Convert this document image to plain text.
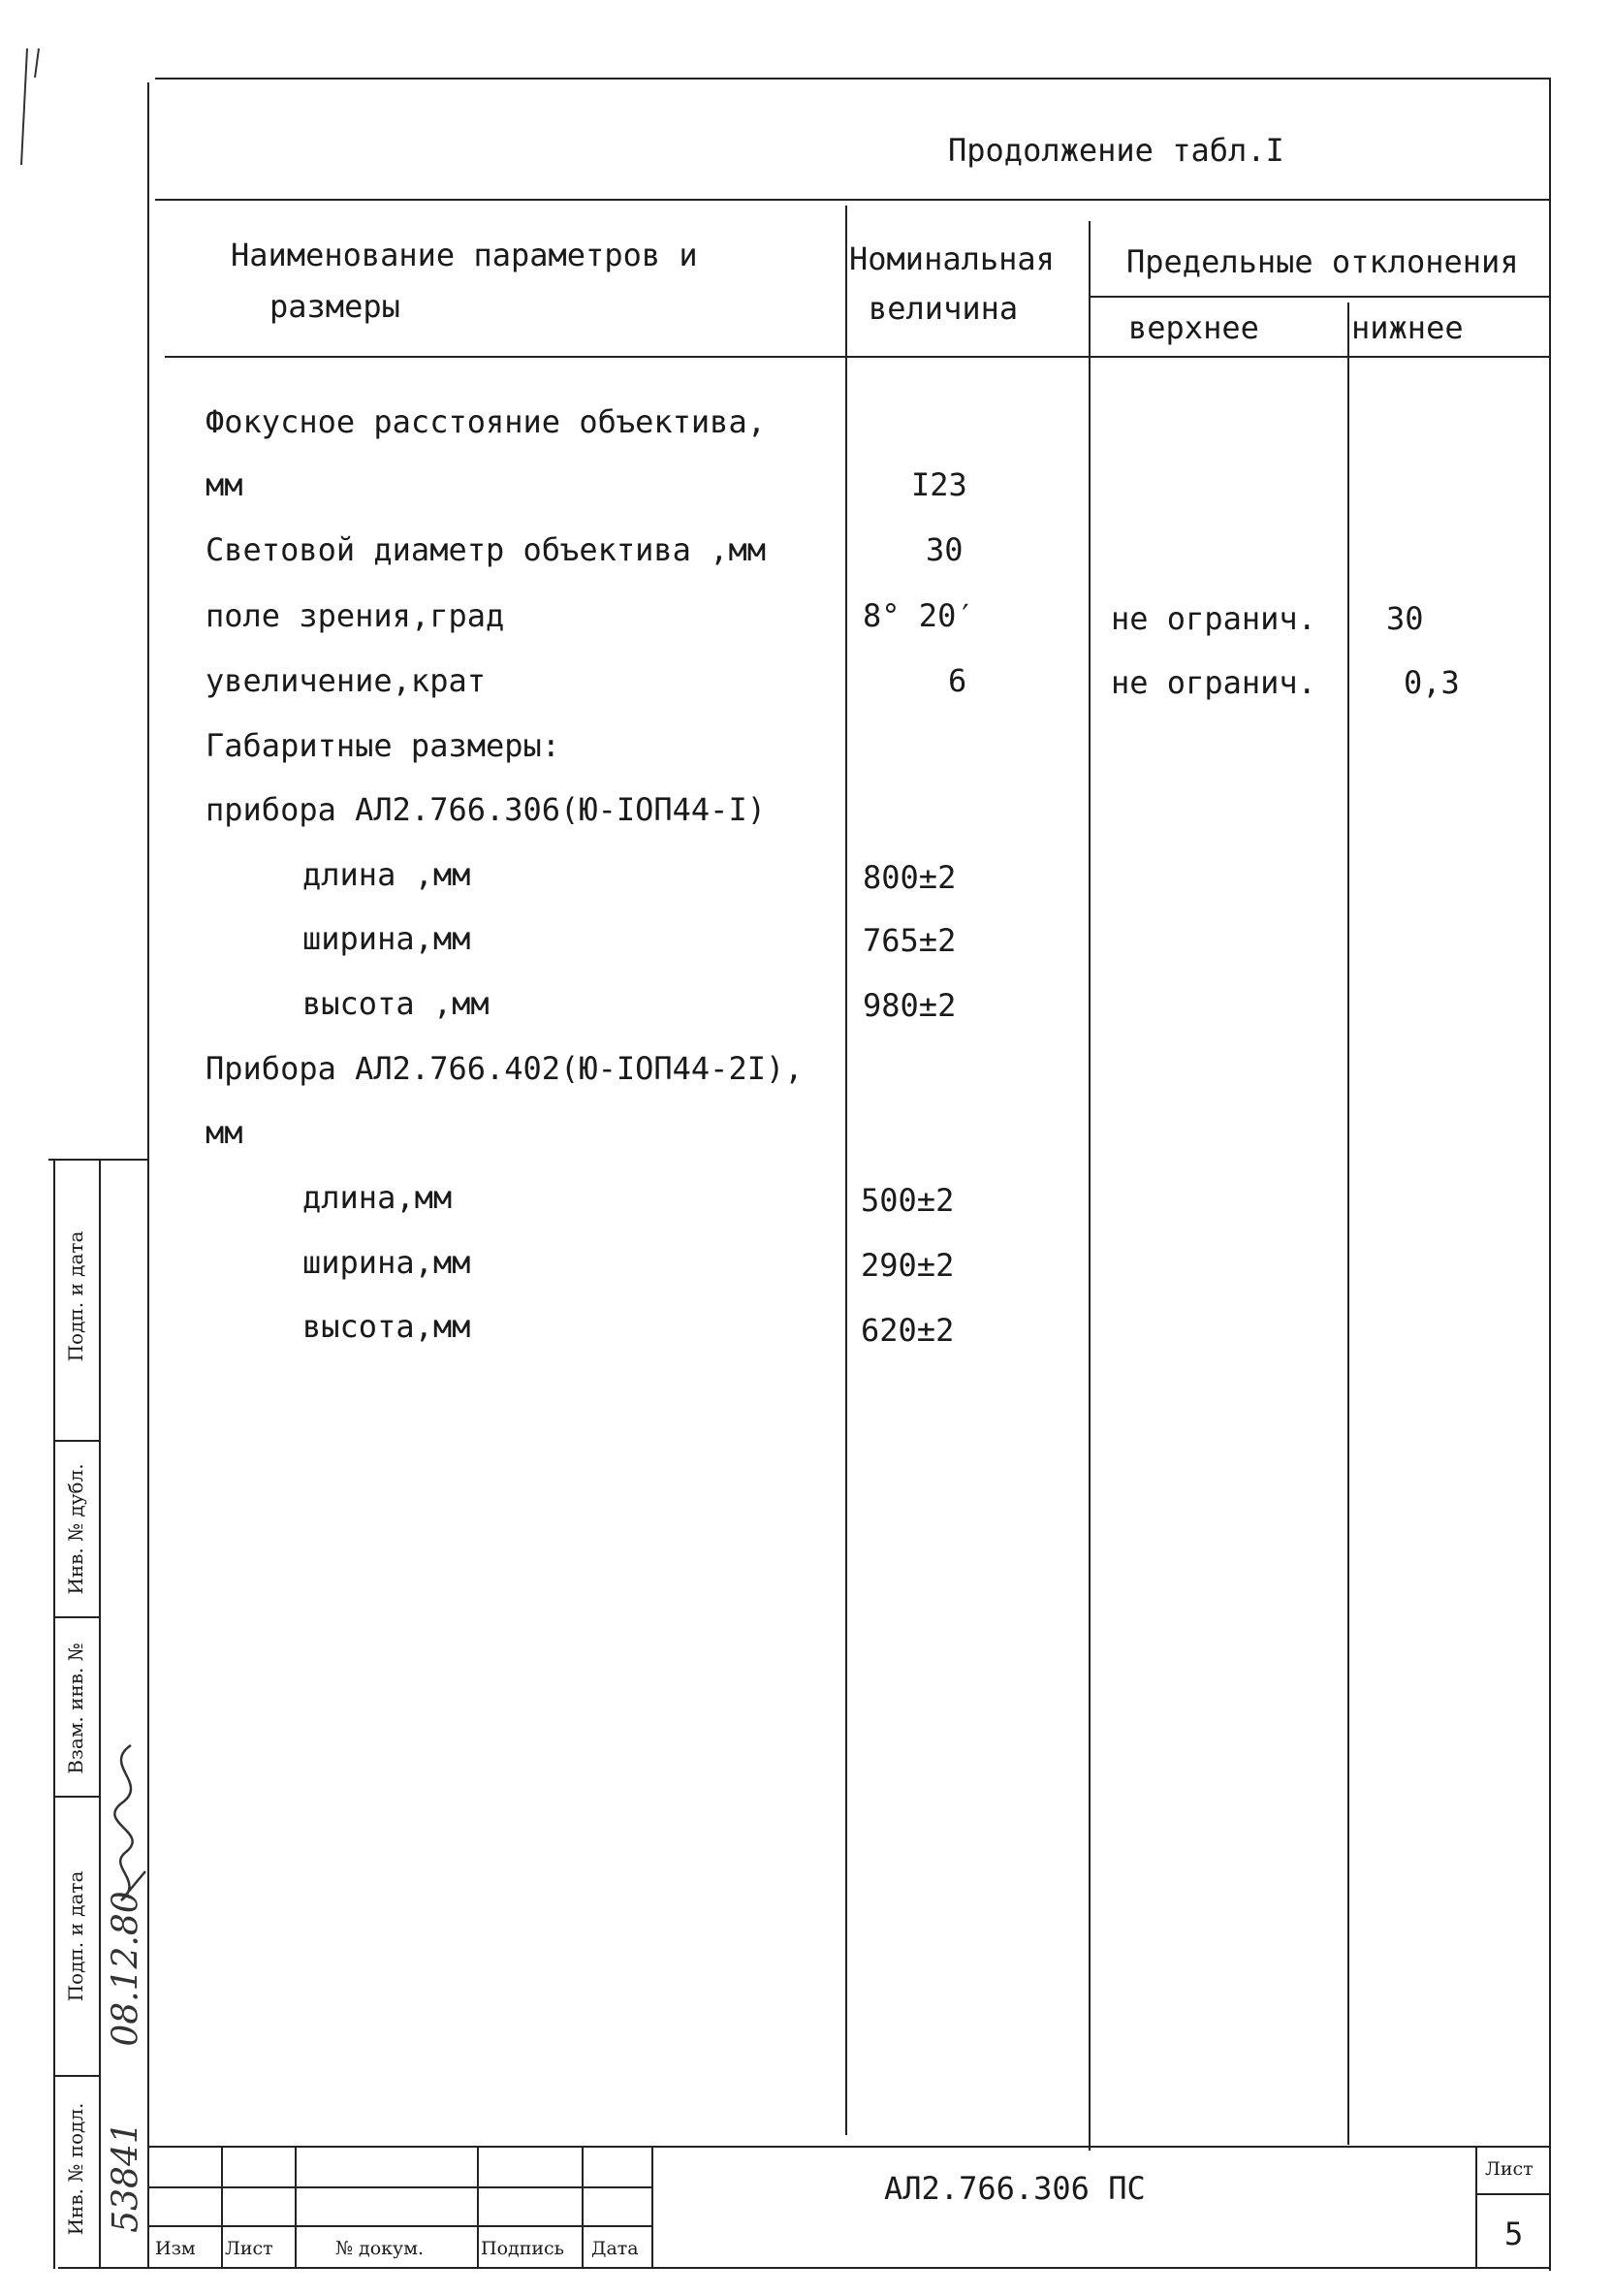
Продолжение табл.I
Наименование параметров и
размеры
Номинальная
величина
Предельные отклонения
верхнее	нижнее
Фокусное расстояние объектива,
мм	I23
Световой диаметр объектива ,мм	30
поле зрения,град	8° 20′	не огранич. 30
увеличение,крат	6	не огранич.	0,3
Габаритные размеры:
прибора АЛ2.766.306(Ю-IОП44-I)
длина ,мм	800±2
ширина,мм	765±2
высота ,мм	980±2
Прибора АЛ2.766.402(Ю-IОП44-2I),
мм
длина,мм	500±2
ширина,мм	290±2
высота,мм	620±2
Подп. и дата
Инв. № дубл.
Взам. инв. №
Подп. и дата
Инв. № подл. 53841
08.12.80
Изм Лист	№ докум.	Подпись Дата
АЛ2.766.306 ПС
Лист
5
